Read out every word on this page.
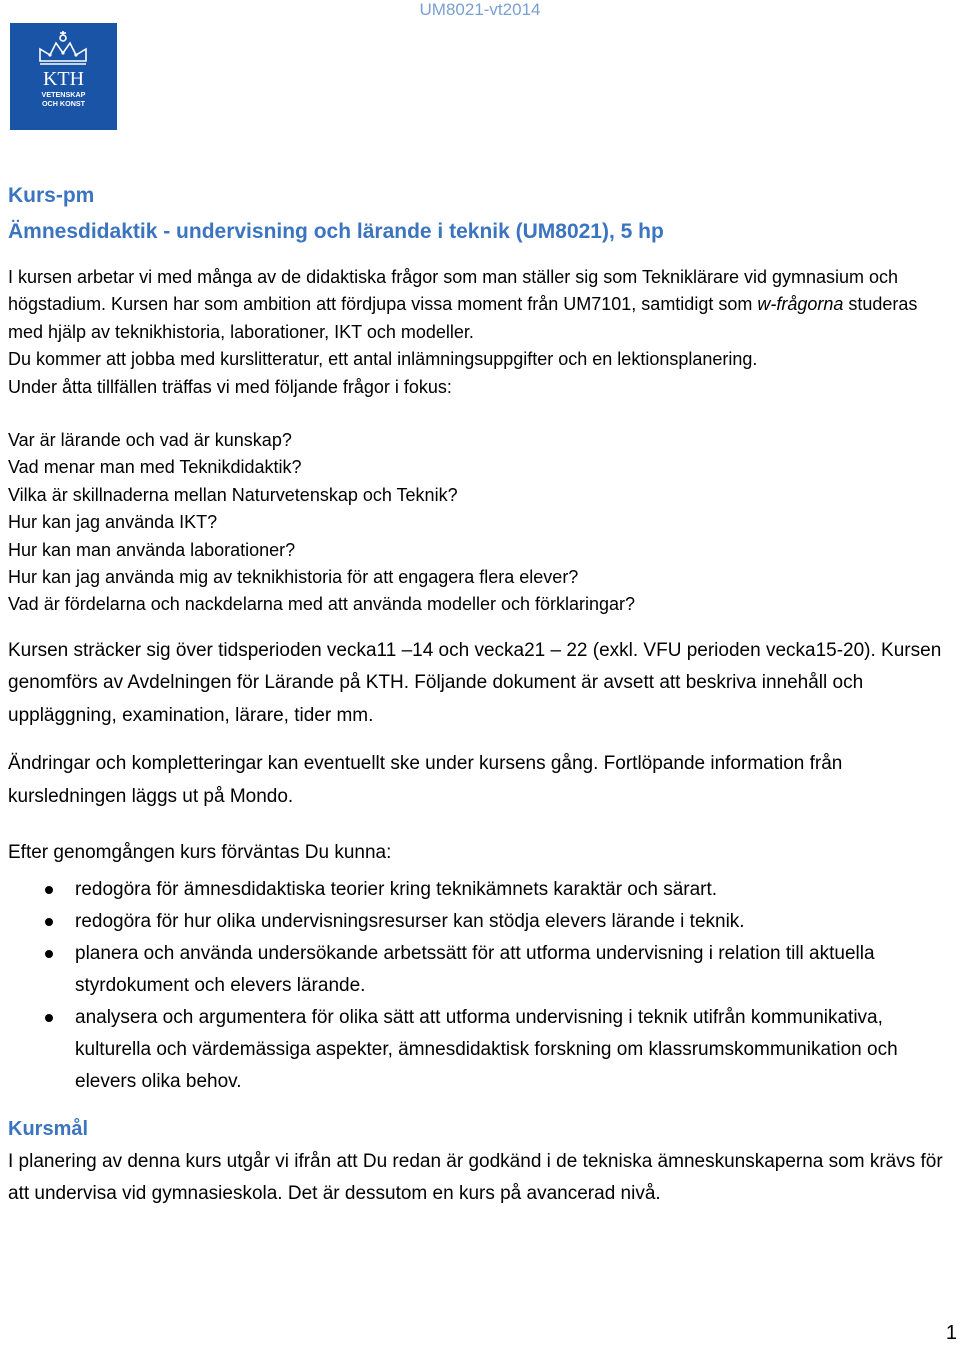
UM8021-vt2014
KTH
VETENSKAP
OCH KONST
Kurs-pm
Ämnesdidaktik - undervisning och lärande i teknik (UM8021), 5 hp

I kursen arbetar vi med många av de didaktiska frågor som man ställer sig som Tekniklärare vid gymnasium och högstadium. Kursen har som ambition att fördjupa vissa moment från UM7101, samtidigt som w-frågorna studeras med hjälp av teknikhistoria, laborationer, IKT och modeller.

Du kommer att jobba med kurslitteratur, ett antal inlämningsuppgifter och en lektionsplanering.

Under åtta tillfällen träffas vi med följande frågor i fokus:

Var är lärande och vad är kunskap?
Vad menar man med Teknikdidaktik?
Vilka är skillnaderna mellan Naturvetenskap och Teknik?
Hur kan jag använda IKT?
Hur kan man använda laborationer?
Hur kan jag använda mig av teknikhistoria för att engagera flera elever?
Vad är fördelarna och nackdelarna med att använda modeller och förklaringar?

Kursen sträcker sig över tidsperioden vecka11 –14 och vecka21 – 22 (exkl. VFU perioden vecka15-20). Kursen genomförs av Avdelningen för Lärande på KTH. Följande dokument är avsett att beskriva innehåll och uppläggning, examination, lärare, tider mm.

Ändringar och kompletteringar kan eventuellt ske under kursens gång. Fortlöpande information från kursledningen läggs ut på Mondo.

Efter genomgången kurs förväntas Du kunna:

redogöra för ämnesdidaktiska teorier kring teknikämnets karaktär och särart.
redogöra för hur olika undervisningsresurser kan stödja elevers lärande i teknik.
planera och använda undersökande arbetssätt för att utforma undervisning i relation till aktuella styrdokument och elevers lärande.
analysera och argumentera för olika sätt att utforma undervisning i teknik utifrån kommunikativa, kulturella och värdemässiga aspekter, ämnesdidaktisk forskning om klassrumskommunikation och elevers olika behov.
Kursmål

I planering av denna kurs utgår vi ifrån att Du redan är godkänd i de tekniska ämneskunskaperna som krävs för att undervisa vid gymnasieskola. Det är dessutom en kurs på avancerad nivå.

1
